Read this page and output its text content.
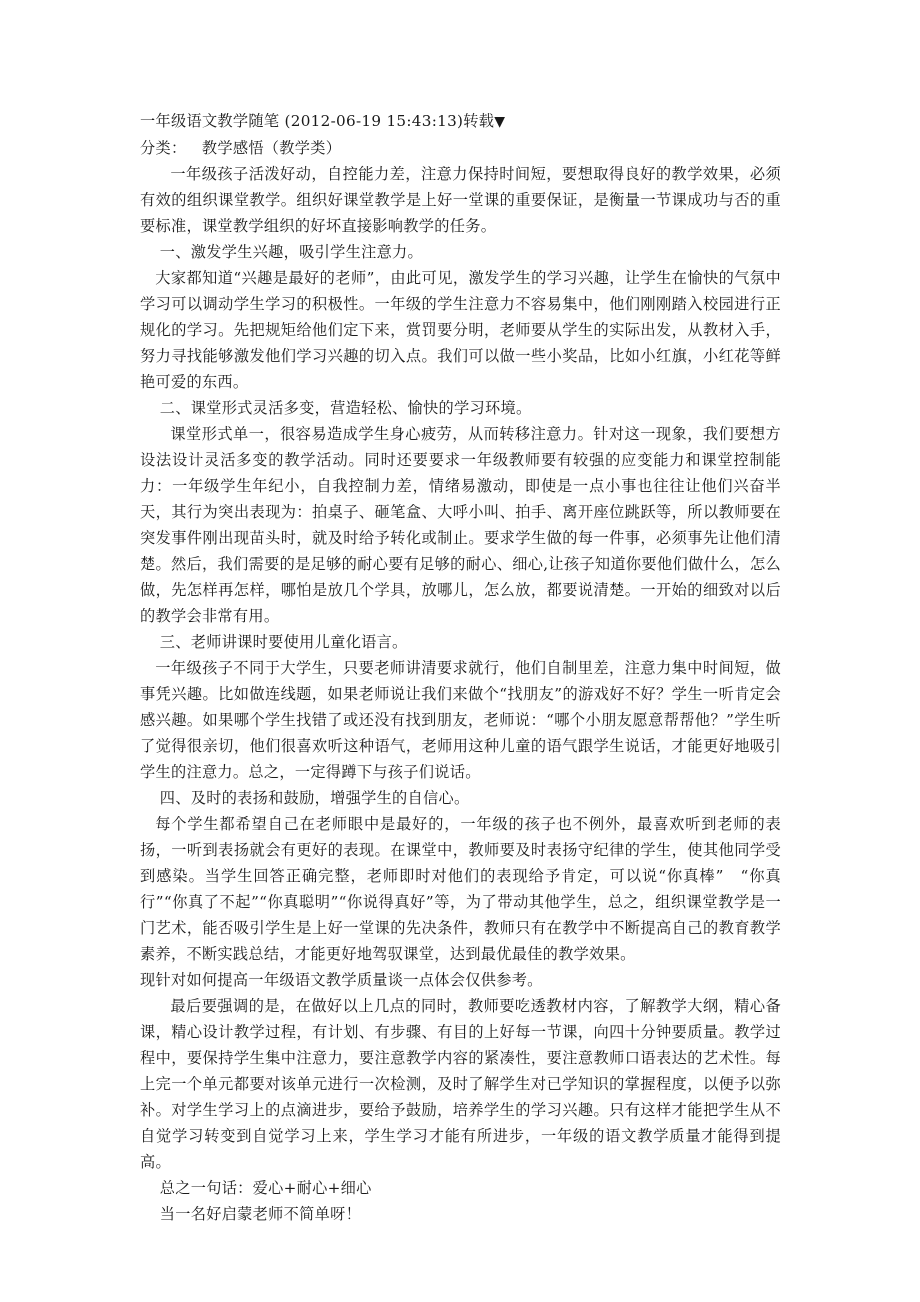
一年级语文教学随笔 (2012-06-19 15:43:13)转载▼

分类： 教学感悟（教学类）

一年级孩子活泼好动，自控能力差，注意力保持时间短，要想取得良好的教学效果，必须有效的组织课堂教学。组织好课堂教学是上好一堂课的重要保证，是衡量一节课成功与否的重要标准，课堂教学组织的好坏直接影响教学的任务。

一、激发学生兴趣，吸引学生注意力。

大家都知道“兴趣是最好的老师”，由此可见，激发学生的学习兴趣，让学生在愉快的气氛中学习可以调动学生学习的积极性。一年级的学生注意力不容易集中，他们刚刚踏入校园进行正规化的学习。先把规矩给他们定下来，赏罚要分明，老师要从学生的实际出发，从教材入手，努力寻找能够激发他们学习兴趣的切入点。我们可以做一些小奖品，比如小红旗，小红花等鲜艳可爱的东西。

二、课堂形式灵活多变，营造轻松、愉快的学习环境。

课堂形式单一，很容易造成学生身心疲劳，从而转移注意力。针对这一现象，我们要想方设法设计灵活多变的教学活动。同时还要要求一年级教师要有较强的应变能力和课堂控制能力：一年级学生年纪小，自我控制力差，情绪易激动，即使是一点小事也往往让他们兴奋半天，其行为突出表现为：拍桌子、砸笔盒、大呼小叫、拍手、离开座位跳跃等，所以教师要在突发事件刚出现苗头时，就及时给予转化或制止。要求学生做的每一件事，必须事先让他们清楚。然后，我们需要的是足够的耐心要有足够的耐心、细心,让孩子知道你要他们做什么，怎么做，先怎样再怎样，哪怕是放几个学具，放哪儿，怎么放，都要说清楚。一开始的细致对以后的教学会非常有用。

三、老师讲课时要使用儿童化语言。

一年级孩子不同于大学生，只要老师讲清要求就行，他们自制里差，注意力集中时间短，做事凭兴趣。比如做连线题，如果老师说让我们来做个“找朋友”的游戏好不好？学生一听肯定会感兴趣。如果哪个学生找错了或还没有找到朋友，老师说：“哪个小朋友愿意帮帮他？”学生听了觉得很亲切，他们很喜欢听这种语气，老师用这种儿童的语气跟学生说话，才能更好地吸引学生的注意力。总之，一定得蹲下与孩子们说话。

四、及时的表扬和鼓励，增强学生的自信心。

每个学生都希望自己在老师眼中是最好的，一年级的孩子也不例外，最喜欢听到老师的表扬，一听到表扬就会有更好的表现。在课堂中，教师要及时表扬守纪律的学生，使其他同学受到感染。当学生回答正确完整，老师即时对他们的表现给予肯定，可以说“你真棒”　“你真行”“你真了不起”“你真聪明”“你说得真好”等，为了带动其他学生，总之，组织课堂教学是一门艺术，能否吸引学生是上好一堂课的先决条件，教师只有在教学中不断提高自己的教育教学素养，不断实践总结，才能更好地驾驭课堂，达到最优最佳的教学效果。

现针对如何提高一年级语文教学质量谈一点体会仅供参考。

最后要强调的是，在做好以上几点的同时，教师要吃透教材内容，了解教学大纲，精心备课，精心设计教学过程，有计划、有步骤、有目的上好每一节课，向四十分钟要质量。教学过程中，要保持学生集中注意力，要注意教学内容的紧凑性，要注意教师口语表达的艺术性。每上完一个单元都要对该单元进行一次检测，及时了解学生对已学知识的掌握程度，以便予以弥补。对学生学习上的点滴进步，要给予鼓励，培养学生的学习兴趣。只有这样才能把学生从不自觉学习转变到自觉学习上来，学生学习才能有所进步，一年级的语文教学质量才能得到提高。

总之一句话：爱心+耐心+细心

当一名好启蒙老师不简单呀！
